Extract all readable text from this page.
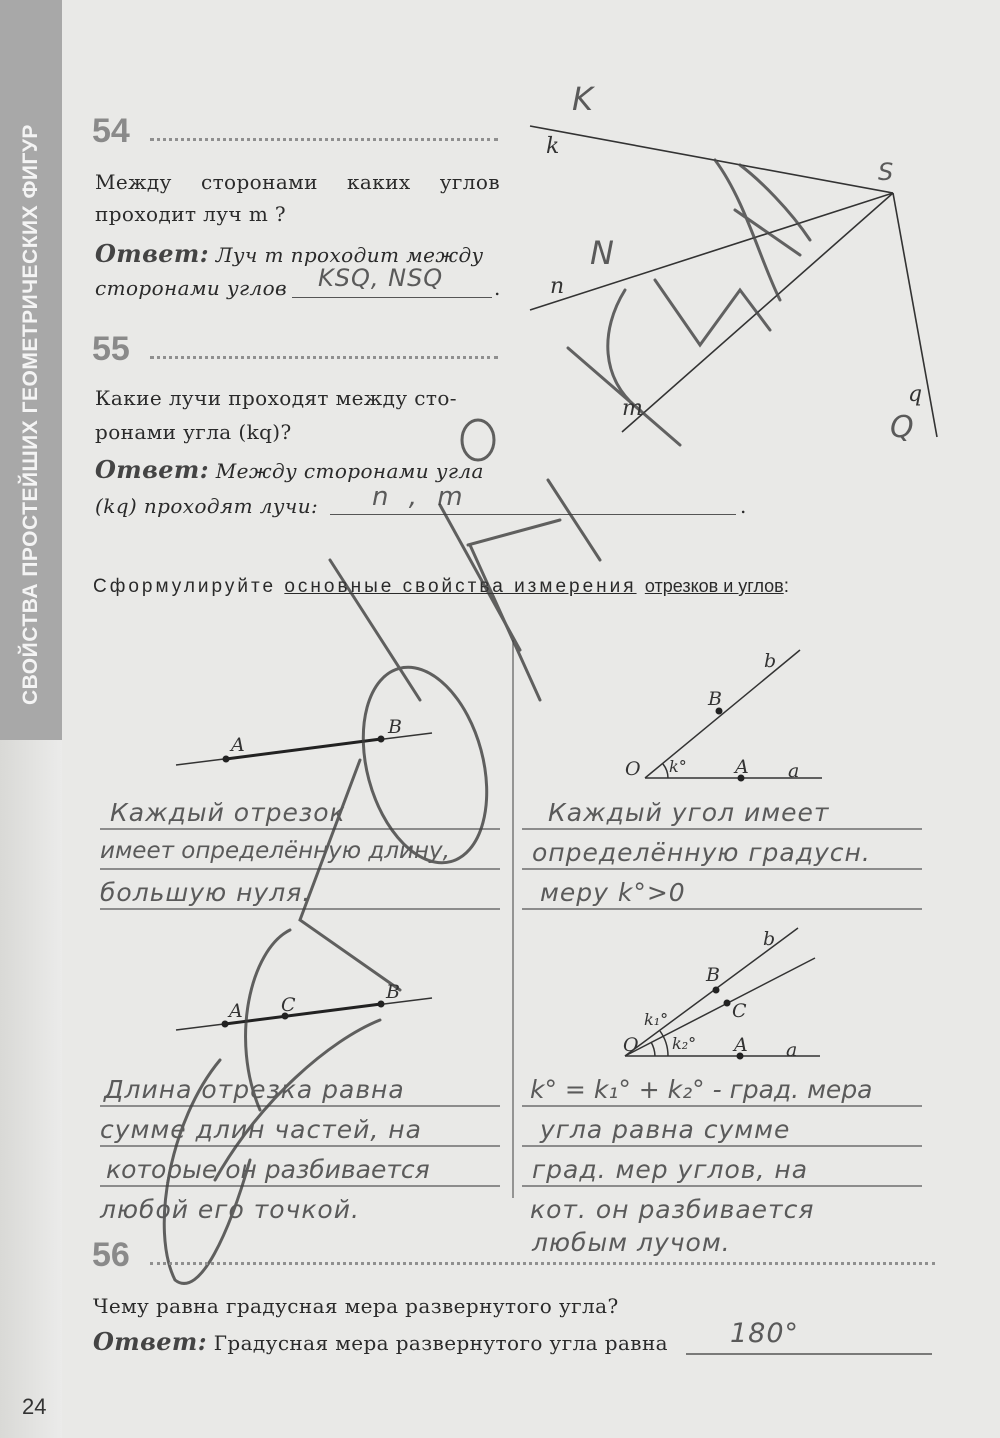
СВОЙСТВА ПРОСТЕЙШИХ ГЕОМЕТРИЧЕСКИХ ФИГУР 54
Между сторонами каких углов
проходит луч m ?
Ответ: Луч m проходит между
сторонами углов	.
KSQ, NSQ
55
Какие лучи проходят между сто-
ронами угла (kq)?
Ответ: Между сторонами угла
(kq) проходят лучи:	.
n , m
Сформулируйте основные свойства измерения отрезков и углов:
k
n
m
q
S
K
N
Q
A
B
Каждый отрезок
имеет определённую длину,
большую нуля.
O k°	A a
B
b
Каждый угол имеет
определённую градусн.
меру k°>0
A C
B
Длина отрезка равна
сумме длин частей, на
которые он разбивается
любой его точкой.
O
k₁°
k₂° A a
B
C
b
k° = k₁° + k₂° - град. мера
угла равна сумме
град. мер углов, на
кот. он разбивается
любым лучом.
56
Чему равна градусная мера развернутого угла?
Ответ: Градусная мера развернутого угла равна 180°
24
